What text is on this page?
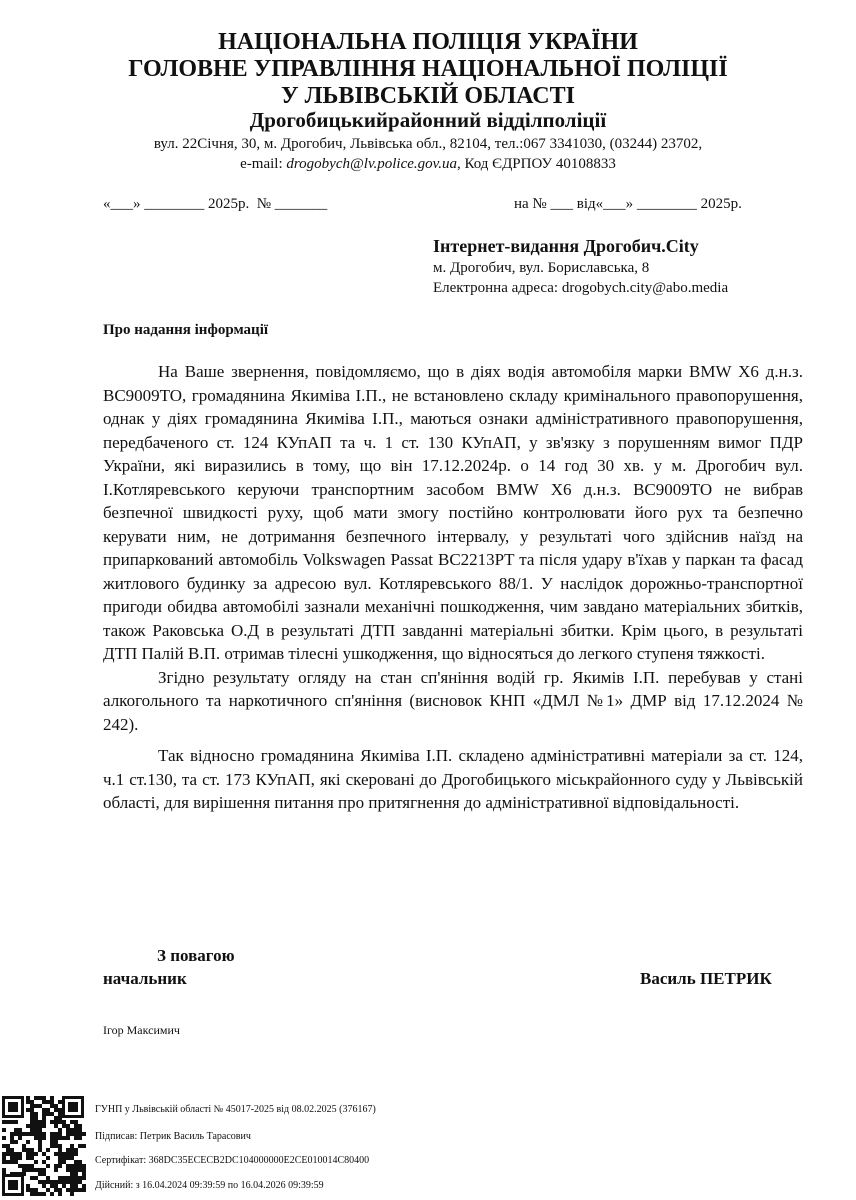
НАЦІОНАЛЬНА ПОЛІЦІЯ УКРАЇНИ
ГОЛОВНЕ УПРАВЛІННЯ НАЦІОНАЛЬНОЇ ПОЛІЦІЇ
У ЛЬВІВСЬКІЙ ОБЛАСТІ
Дрогобицькийрайонний відділполіції
вул. 22Січня, 30, м. Дрогобич, Львівська обл., 82104, тел.:067 3341030, (03244) 23702,
e-mail: drogobych@lv.police.gov.ua, Код ЄДРПОУ 40108833
«___» ________ 2025р.  № _______	на № ___ від«___» ________ 2025р.
Інтернет-видання Дрогобич.City
м. Дрогобич, вул. Бориславська, 8
Електронна адреса: drogobych.city@abo.media
Про надання інформації

На Ваше звернення, повідомляємо, що в діях водія автомобіля марки BMW X6 д.н.з. BC9009TO, громадянина Якиміва І.П., не встановлено складу кримінального правопорушення, однак у діях громадянина Якиміва І.П., маються ознаки адміністративного правопорушення, передбаченого ст. 124 КУпАП та ч. 1 ст. 130 КУпАП, у зв'язку з порушенням вимог ПДР України, які виразились в тому, що він 17.12.2024р. о 14 год 30 хв. у м. Дрогобич вул. І.Котляревського керуючи транспортним засобом BMW X6 д.н.з. BC9009TO не вибрав безпечної швидкості руху, щоб мати змогу постійно контролювати його рух та безпечно керувати ним, не дотримання безпечного інтервалу, у результаті чого здійснив наїзд на припаркований автомобіль Volkswagen Passat BC2213PT та після удару в'їхав у паркан та фасад житлового будинку за адресою вул. Котляревського 88/1. У наслідок дорожньо-транспортної пригоди обидва автомобілі зазнали механічні пошкодження, чим завдано матеріальних збитків, також Раковська О.Д в результаті ДТП завданні матеріальні збитки. Крім цього, в результаті ДТП Палій В.П. отримав тілесні ушкодження, що відносяться до легкого ступеня тяжкості.

Згідно результату огляду на стан сп'яніння водій гр. Якимів І.П. перебував у стані алкогольного та наркотичного сп'яніння (висновок КНП «ДМЛ №1» ДМР від 17.12.2024 № 242).

Так відносно громадянина Якиміва І.П. складено адміністративні матеріали за ст. 124, ч.1 ст.130, та ст. 173 КУпАП, які скеровані до Дрогобицького міськрайонного суду у Львівській області, для вирішення питання про притягнення до адміністративної відповідальності.

З повагою
начальник	Василь ПЕТРИК
Ігор Максимич
ГУНП у Львівській області № 45017-2025 від 08.02.2025 (376167)
Підписав: Петрик Василь Тарасович
Сертифікат: 368DC35ECECB2DC104000000E2CE010014C80400
Дійсний: з 16.04.2024 09:39:59 по 16.04.2026 09:39:59
